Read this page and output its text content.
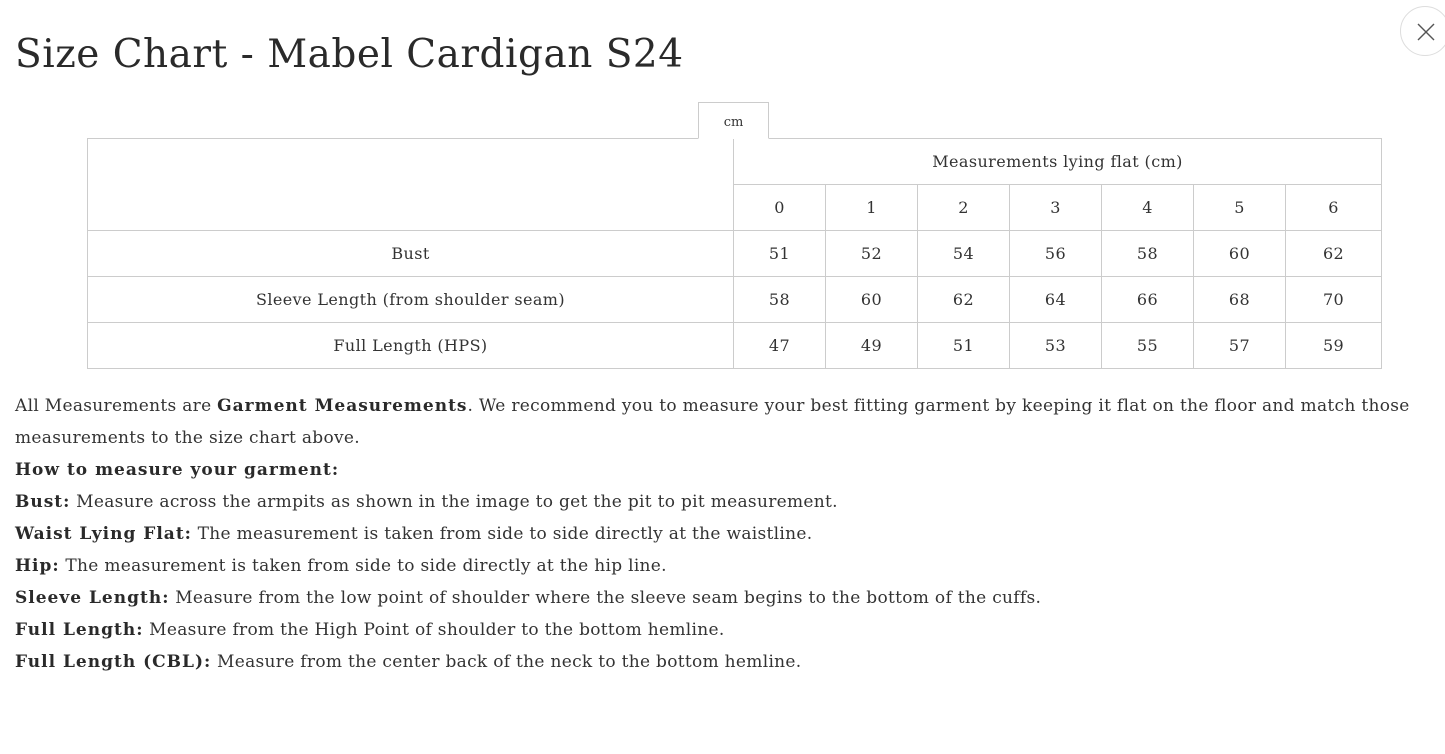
Size Chart - Mabel Cardigan S24
cm
	Measurements lying flat (cm)						
	0	1	2	3	4	5	6
Bust	51	52	54	56	58	60	62
Sleeve Length (from shoulder seam)	58	60	62	64	66	68	70
Full Length (HPS)	47	49	51	53	55	57	59

All Measurements are Garment Measurements. We recommend you to measure your best fitting garment by keeping it flat on the floor and match those measurements to the size chart above.

How to measure your garment:

Bust: Measure across the armpits as shown in the image to get the pit to pit measurement.

Waist Lying Flat: The measurement is taken from side to side directly at the waistline.

Hip: The measurement is taken from side to side directly at the hip line.

Sleeve Length: Measure from the low point of shoulder where the sleeve seam begins to the bottom of the cuffs.

Full Length: Measure from the High Point of shoulder to the bottom hemline.

Full Length (CBL): Measure from the center back of the neck to the bottom hemline.
